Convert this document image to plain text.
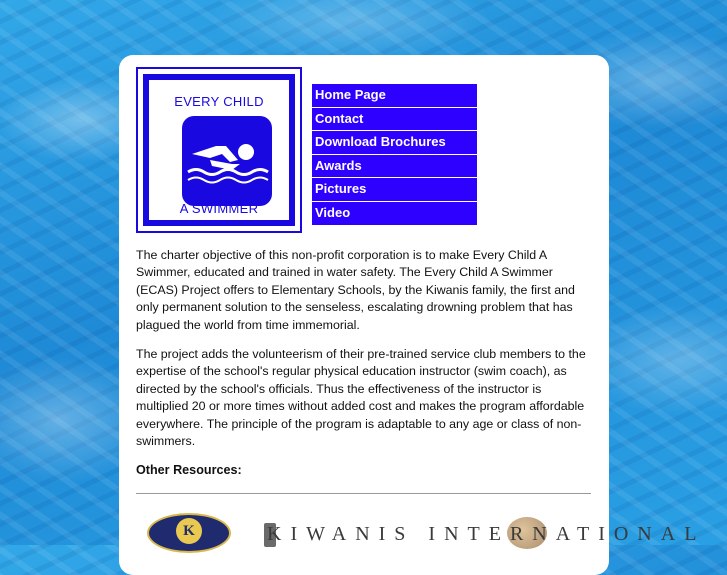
EVERY CHILD
A SWIMMER
Home Page
Contact
Download Brochures
Awards
Pictures
Video

The charter objective of this non-profit corporation is to make Every Child A Swimmer, educated and trained in water safety. The Every Child A Swimmer (ECAS) Project offers to Elementary Schools, by the Kiwanis family, the first and only permanent solution to the senseless, escalating drowning problem that has plagued the world from time immemorial.

The project adds the volunteerism of their pre-trained service club members to the expertise of the school's regular physical education instructor (swim coach), as directed by the school's officials. Thus the effectiveness of the instructor is multiplied 20 or more times without added cost and makes the program affordable everywhere. The principle of the program is adaptable to any age or class of non-swimmers.

Other Resources:
K	KIWANIS INTERNATIONAL
